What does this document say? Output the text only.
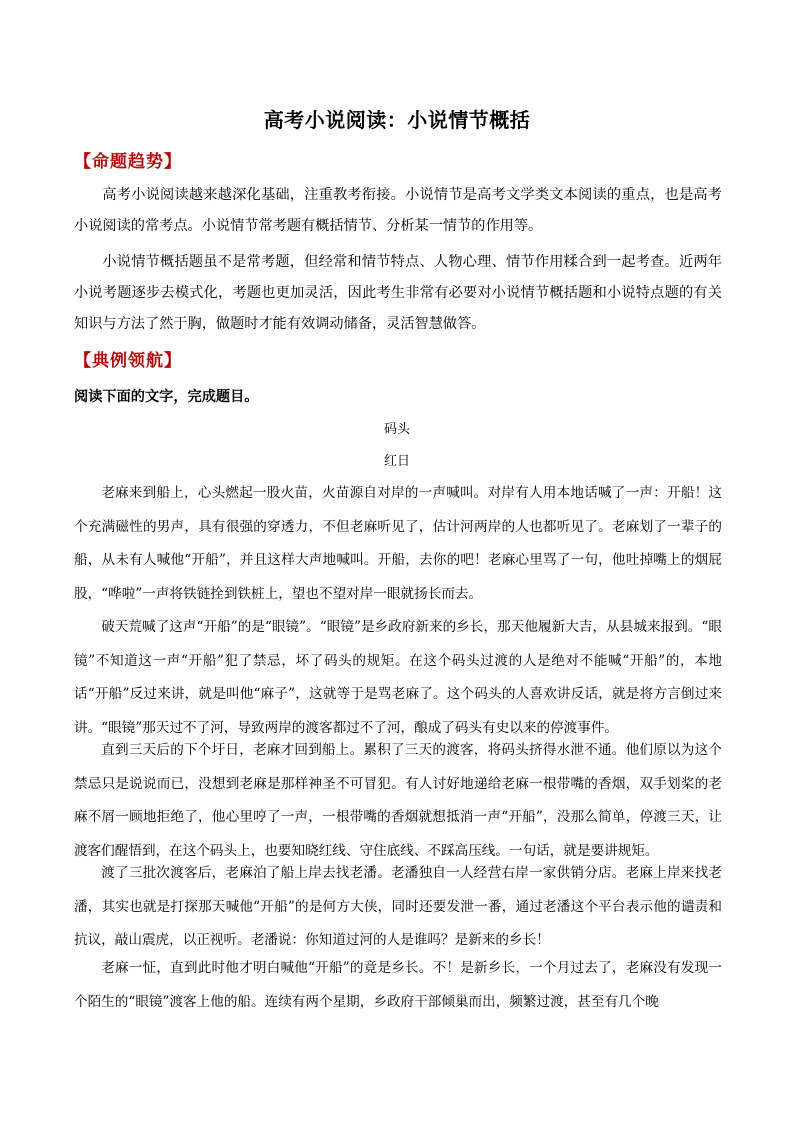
高考小说阅读：小说情节概括
【命题趋势】

高考小说阅读越来越深化基础，注重教考衔接。小说情节是高考文学类文本阅读的重点，也是高考小说阅读的常考点。小说情节常考题有概括情节、分析某一情节的作用等。

小说情节概括题虽不是常考题，但经常和情节特点、人物心理、情节作用糅合到一起考查。近两年小说考题逐步去模式化，考题也更加灵活，因此考生非常有必要对小说情节概括题和小说特点题的有关知识与方法了然于胸，做题时才能有效调动储备，灵活智慧做答。

【典例领航】
阅读下面的文字，完成题目。
码头
红日

老麻来到船上，心头燃起一股火苗，火苗源自对岸的一声喊叫。对岸有人用本地话喊了一声：开船！这个充满磁性的男声，具有很强的穿透力，不但老麻听见了，估计河两岸的人也都听见了。老麻划了一辈子的船，从未有人喊他“开船”，并且这样大声地喊叫。开船，去你的吧！老麻心里骂了一句，他吐掉嘴上的烟屁股，“哗啦”一声将铁链拴到铁桩上，望也不望对岸一眼就扬长而去。

破天荒喊了这声“开船”的是“眼镜”。“眼镜”是乡政府新来的乡长，那天他履新大吉，从县城来报到。“眼镜”不知道这一声“开船”犯了禁忌，坏了码头的规矩。在这个码头过渡的人是绝对不能喊“开船”的，本地话“开船”反过来讲，就是叫他“麻子”，这就等于是骂老麻了。这个码头的人喜欢讲反话，就是将方言倒过来讲。“眼镜”那天过不了河，导致两岸的渡客都过不了河，酿成了码头有史以来的停渡事件。

直到三天后的下个圩日，老麻才回到船上。累积了三天的渡客，将码头挤得水泄不通。他们原以为这个禁忌只是说说而已，没想到老麻是那样神圣不可冒犯。有人讨好地递给老麻一根带嘴的香烟，双手划桨的老麻不屑一顾地拒绝了，他心里哼了一声，一根带嘴的香烟就想抵消一声“开船”，没那么简单，停渡三天，让渡客们醒悟到，在这个码头上，也要知晓红线、守住底线、不踩高压线。一句话，就是要讲规矩。

渡了三批次渡客后，老麻泊了船上岸去找老潘。老潘独自一人经营右岸一家供销分店。老麻上岸来找老潘，其实也就是打探那天喊他“开船”的是何方大侠，同时还要发泄一番，通过老潘这个平台表示他的谴责和抗议，敲山震虎，以正视听。老潘说：你知道过河的人是谁吗？是新来的乡长！

老麻一怔，直到此时他才明白喊他“开船”的竟是乡长。不！是新乡长，一个月过去了，老麻没有发现一个陌生的“眼镜”渡客上他的船。连续有两个星期，乡政府干部倾巢而出，频繁过渡，甚至有几个晚
